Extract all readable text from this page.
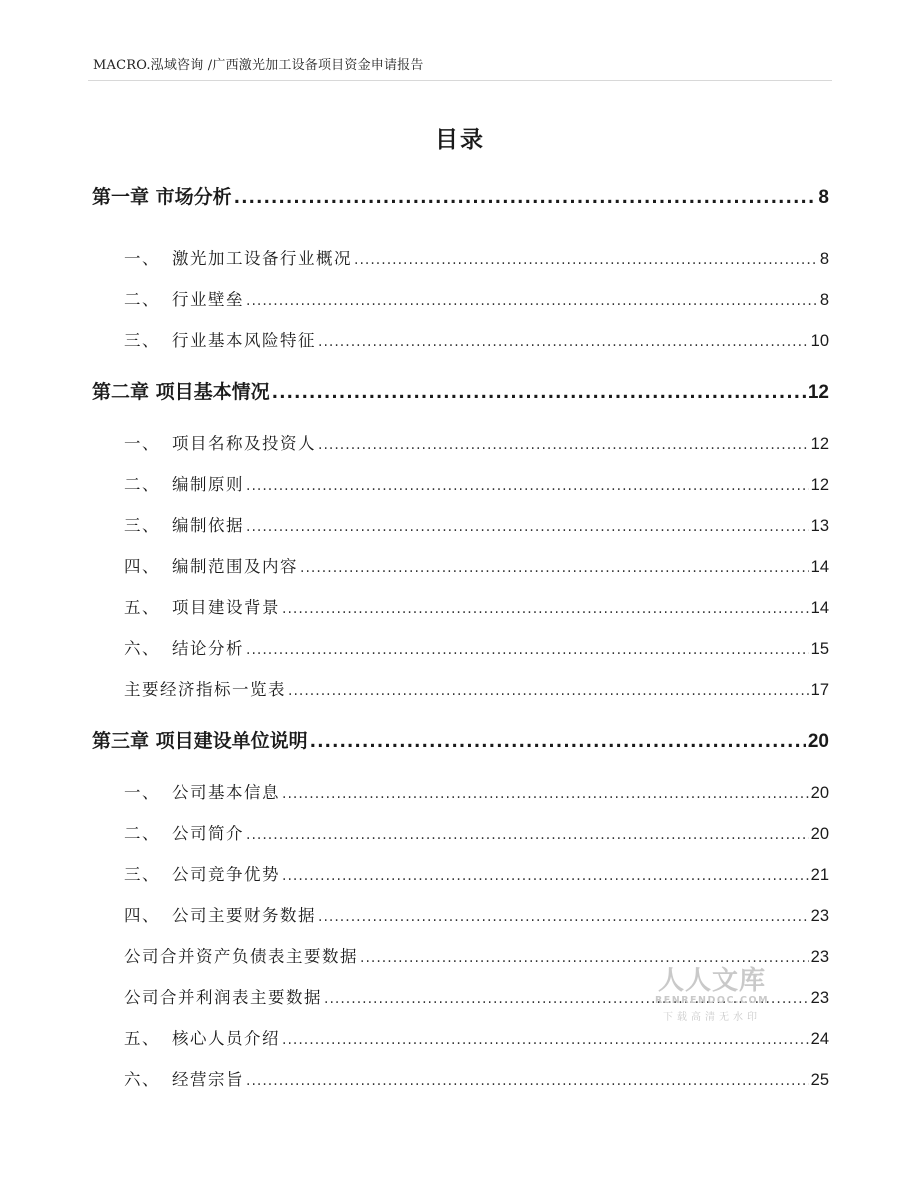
MACRO.泓域咨询 /广西激光加工设备项目资金申请报告
目录
第一章 市场分析 .....	8
一、 激光加工设备行业概况 .....	8
二、 行业壁垒 .....	8
三、 行业基本风险特征 .....	10
第二章 项目基本情况 .....	12
一、 项目名称及投资人 .....	12
二、 编制原则 .....	12
三、 编制依据 .....	13
四、 编制范围及内容 .....	14
五、 项目建设背景 .....	14
六、 结论分析 .....	15
主要经济指标一览表 .....	17
第三章 项目建设单位说明 .....	20
一、 公司基本信息 .....	20
二、 公司简介 .....	20
三、 公司竞争优势 .....	21
四、 公司主要财务数据 .....	23
公司合并资产负债表主要数据 .....	23
公司合并利润表主要数据 .....	23
五、 核心人员介绍 .....	24
六、 经营宗旨 .....	25
人人文库
RENRENDOC.COM
下载高清无水印
